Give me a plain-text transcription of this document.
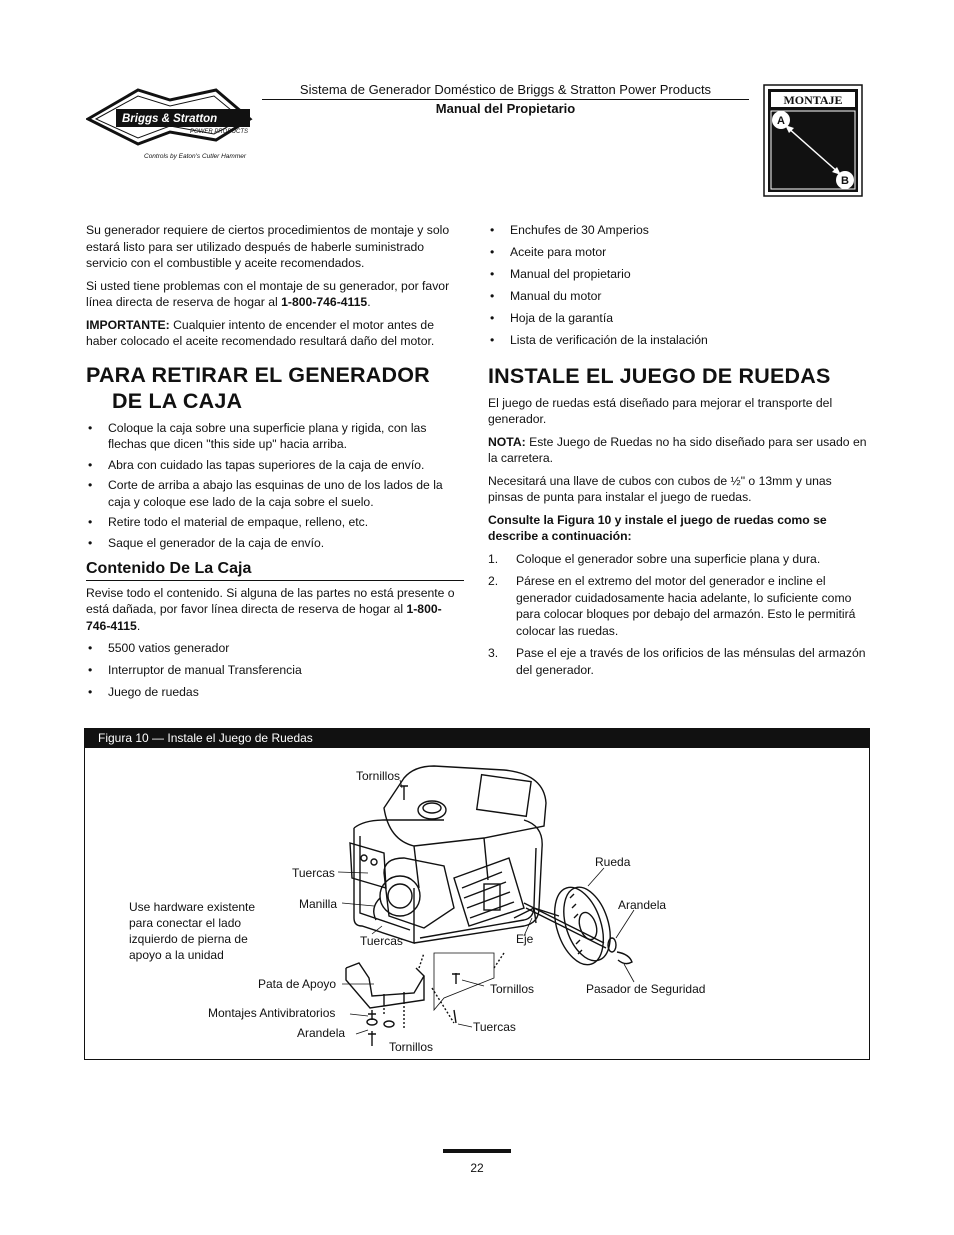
Briggs & Stratton
POWER PRODUCTS
Controls by Eaton's Cutler Hammer
Sistema de Generador Doméstico de Briggs & Stratton Power Products
Manual del Propietario
MONTAJE
A
B

Su generador requiere de ciertos procedimientos de montaje y solo estará listo para ser utilizado después de haberle suministrado servicio con el combustible y aceite recomendados.

Si usted tiene problemas con el montaje de su generador, por favor línea directa de reserva de hogar al 1-800-746-4115.

IMPORTANTE: Cualquier intento de encender el motor antes de haber colocado el aceite recomendado resultará daño del motor.

PARA RETIRAR EL GENERADOR
DE LA CAJA
• Coloque la caja sobre una superficie plana y rigida, con las flechas que dicen "this side up" hacia arriba.
• Abra con cuidado las tapas superiores de la caja de envío.
• Corte de arriba a abajo las esquinas de uno de los lados de la caja y coloque ese lado de la caja sobre el suelo.
• Retire todo el material de empaque, relleno, etc.
• Saque el generador de la caja de envío.
Contenido De La Caja

Revise todo el contenido. Si alguna de las partes no está presente o está dañada, por favor línea directa de reserva de hogar al 1-800-746-4115.

• 5500 vatios generador
• Interruptor de manual Transferencia
• Juego de ruedas
• Enchufes de 30 Amperios
• Aceite para motor
• Manual del propietario
• Manual du motor
• Hoja de la garantía
• Lista de verificación de la instalación
INSTALE EL JUEGO DE RUEDAS

El juego de ruedas está diseñado para mejorar el transporte del generador.

NOTA: Este Juego de Ruedas no ha sido diseñado para ser usado en la carretera.

Necesitará una llave de cubos con cubos de ½" o 13mm y unas pinsas de punta para instalar el juego de ruedas.

Consulte la Figura 10 y instale el juego de ruedas como se describe a continuación:

1. Coloque el generador sobre una superficie plana y dura.
2. Párese en el extremo del motor del generador e incline el generador cuidadosamente hacia adelante, lo suficiente como para colocar bloques por debajo del armazón. Esto le permitirá colocar las ruedas.
3. Pase el eje a través de los orificios de las ménsulas del armazón del generador.
Figura 10 — Instale el Juego de Ruedas
Tornillos
Tuercas
Manilla
Tuercas
Pata de Apoyo
Montajes Antivibratorios
Arandela
Tornillos
Tornillos
Tuercas
Eje
Rueda
Arandela
Pasador de Seguridad
Use hardware existente
para conectar el lado
izquierdo de pierna de
apoyo a la unidad
22
